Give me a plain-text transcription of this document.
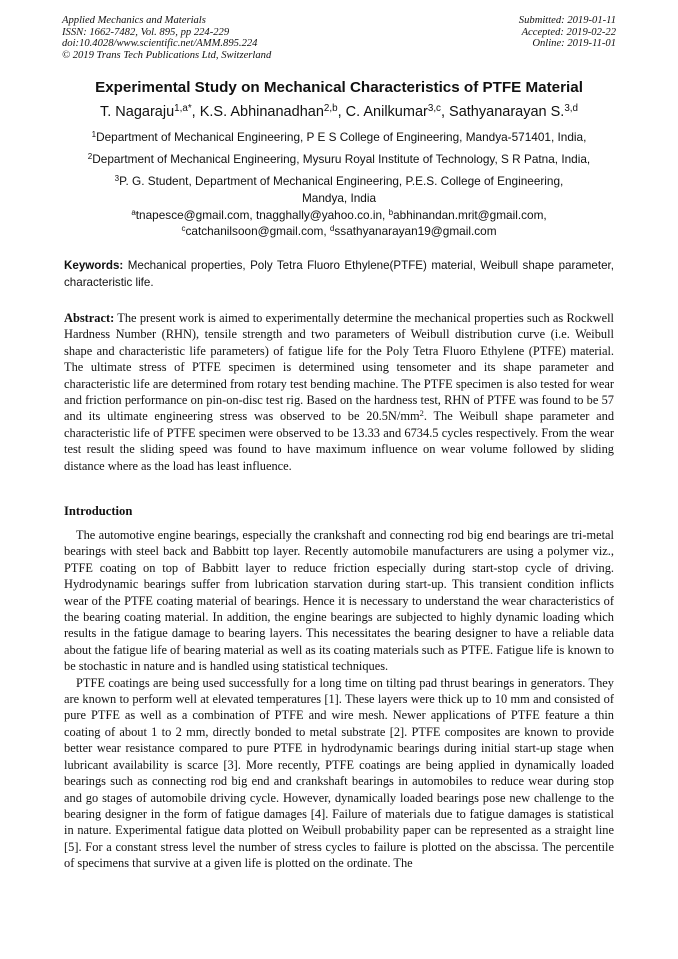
Applied Mechanics and Materials
ISSN: 1662-7482, Vol. 895, pp 224-229
doi:10.4028/www.scientific.net/AMM.895.224
© 2019 Trans Tech Publications Ltd, Switzerland
Submitted: 2019-01-11
Accepted: 2019-02-22
Online: 2019-11-01
Experimental Study on Mechanical Characteristics of PTFE Material
T. Nagaraju$^{1,a*}$, K.S. Abhinanadhan$^{2,b}$, C. Anilkumar$^{3,c}$, Sathyanarayan S.$^{3,d}$
$^1$Department of Mechanical Engineering, P E S College of Engineering, Mandya-571401, India,
$^2$Department of Mechanical Engineering, Mysuru Royal Institute of Technology, S R Patna, India,
$^3$P. G. Student, Department of Mechanical Engineering, P.E.S. College of Engineering, Mandya, India
$^a$tnapesce@gmail.com, tnagghally@yahoo.co.in, $^b$abhinandan.mrit@gmail.com,
$^c$catchanilsoon@gmail.com, $^d$ssathyanarayan19@gmail.com
Keywords: Mechanical properties, Poly Tetra Fluoro Ethylene(PTFE) material, Weibull shape parameter, characteristic life.
Abstract: The present work is aimed to experimentally determine the mechanical properties such as Rockwell Hardness Number (RHN), tensile strength and two parameters of Weibull distribution curve (i.e. Weibull shape and characteristic life parameters) of fatigue life for the Poly Tetra Fluoro Ethylene (PTFE) material. The ultimate stress of PTFE specimen is determined using tensometer and its shape parameter and characteristic life are determined from rotary test bending machine. The PTFE specimen is also tested for wear and friction performance on pin-on-disc test rig. Based on the hardness test, RHN of PTFE was found to be 57 and its ultimate engineering stress was observed to be $20.5N/mm^2$. The Weibull shape parameter and characteristic life of PTFE specimen were observed to be 13.33 and 6734.5 cycles respectively. From the wear test result the sliding speed was found to have maximum influence on wear volume followed by sliding distance where as the load has least influence.
Introduction

The automotive engine bearings, especially the crankshaft and connecting rod big end bearings are tri-metal bearings with steel back and Babbitt top layer. Recently automobile manufacturers are using a polymer viz., PTFE coating on top of Babbitt layer to reduce friction especially during start-stop cycle of driving. Hydrodynamic bearings suffer from lubrication starvation during start-up. This transient condition inflicts wear of the PTFE coating material of bearings. Hence it is necessary to understand the wear characteristics of the bearing coating material. In addition, the engine bearings are subjected to highly dynamic loading which results in the fatigue damage to bearing layers. This necessitates the bearing designer to have a reliable data about the fatigue life of bearing material as well as its coating materials such as PTFE. Fatigue life is known to be stochastic in nature and is handled using statistical techniques.

PTFE coatings are being used successfully for a long time on tilting pad thrust bearings in generators. They are known to perform well at elevated temperatures [1]. These layers were thick up to 10 mm and consisted of pure PTFE as well as a combination of PTFE and wire mesh. Newer applications of PTFE feature a thin coating of about 1 to 2 mm, directly bonded to metal substrate [2]. PTFE composites are known to provide better wear resistance compared to pure PTFE in hydrodynamic bearings during initial start-up stage when lubricant availability is scarce [3]. More recently, PTFE coatings are being applied in dynamically loaded bearings such as connecting rod big end and crankshaft bearings in automobiles to reduce wear during stop and go stages of automobile driving cycle. However, dynamically loaded bearings pose new challenge to the bearing designer in the form of fatigue damages [4]. Failure of materials due to fatigue damages is statistical in nature. Experimental fatigue data plotted on Weibull probability paper can be represented as a straight line [5]. For a constant stress level the number of stress cycles to failure is plotted on the abscissa. The percentile of specimens that survive at a given life is plotted on the ordinate. The
